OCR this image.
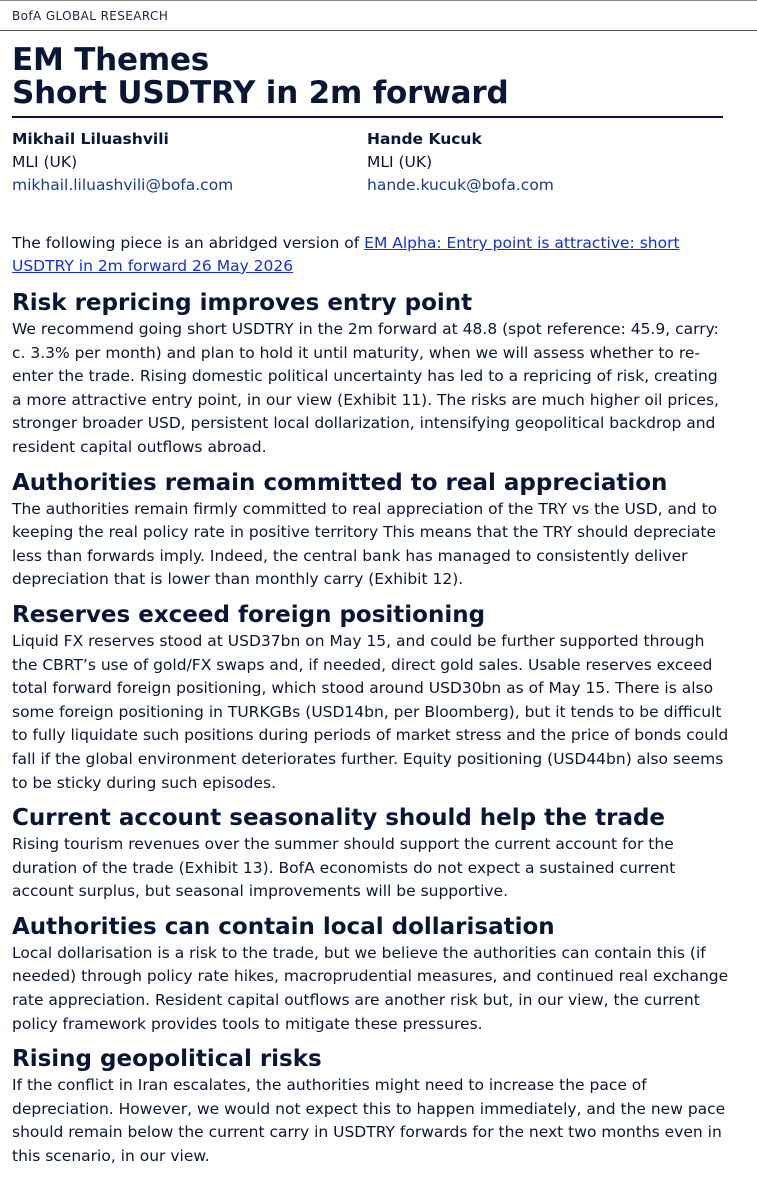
BofA GLOBAL RESEARCH
EM Themes
Short USDTRY in 2m forward
Mikhail Liluashvili
MLI (UK)
mikhail.liluashvili@bofa.com
Hande Kucuk
MLI (UK)
hande.kucuk@bofa.com
The following piece is an abridged version of EM Alpha: Entry point is attractive: short USDTRY in 2m forward 26 May 2026
Risk repricing improves entry point

We recommend going short USDTRY in the 2m forward at 48.8 (spot reference: 45.9, carry: c. 3.3% per month) and plan to hold it until maturity, when we will assess whether to re-enter the trade. Rising domestic political uncertainty has led to a repricing of risk, creating a more attractive entry point, in our view (Exhibit 11). The risks are much higher oil prices, stronger broader USD, persistent local dollarization, intensifying geopolitical backdrop and resident capital outflows abroad.

Authorities remain committed to real appreciation

The authorities remain firmly committed to real appreciation of the TRY vs the USD, and to keeping the real policy rate in positive territory This means that the TRY should depreciate less than forwards imply. Indeed, the central bank has managed to consistently deliver depreciation that is lower than monthly carry (Exhibit 12).

Reserves exceed foreign positioning

Liquid FX reserves stood at USD37bn on May 15, and could be further supported through the CBRT’s use of gold/FX swaps and, if needed, direct gold sales. Usable reserves exceed total forward foreign positioning, which stood around USD30bn as of May 15. There is also some foreign positioning in TURKGBs (USD14bn, per Bloomberg), but it tends to be difficult to fully liquidate such positions during periods of market stress and the price of bonds could fall if the global environment deteriorates further. Equity positioning (USD44bn) also seems to be sticky during such episodes.

Current account seasonality should help the trade

Rising tourism revenues over the summer should support the current account for the duration of the trade (Exhibit 13). BofA economists do not expect a sustained current account surplus, but seasonal improvements will be supportive.

Authorities can contain local dollarisation

Local dollarisation is a risk to the trade, but we believe the authorities can contain this (if needed) through policy rate hikes, macroprudential measures, and continued real exchange rate appreciation. Resident capital outflows are another risk but, in our view, the current policy framework provides tools to mitigate these pressures.

Rising geopolitical risks

If the conflict in Iran escalates, the authorities might need to increase the pace of depreciation. However, we would not expect this to happen immediately, and the new pace should remain below the current carry in USDTRY forwards for the next two months even in this scenario, in our view.
